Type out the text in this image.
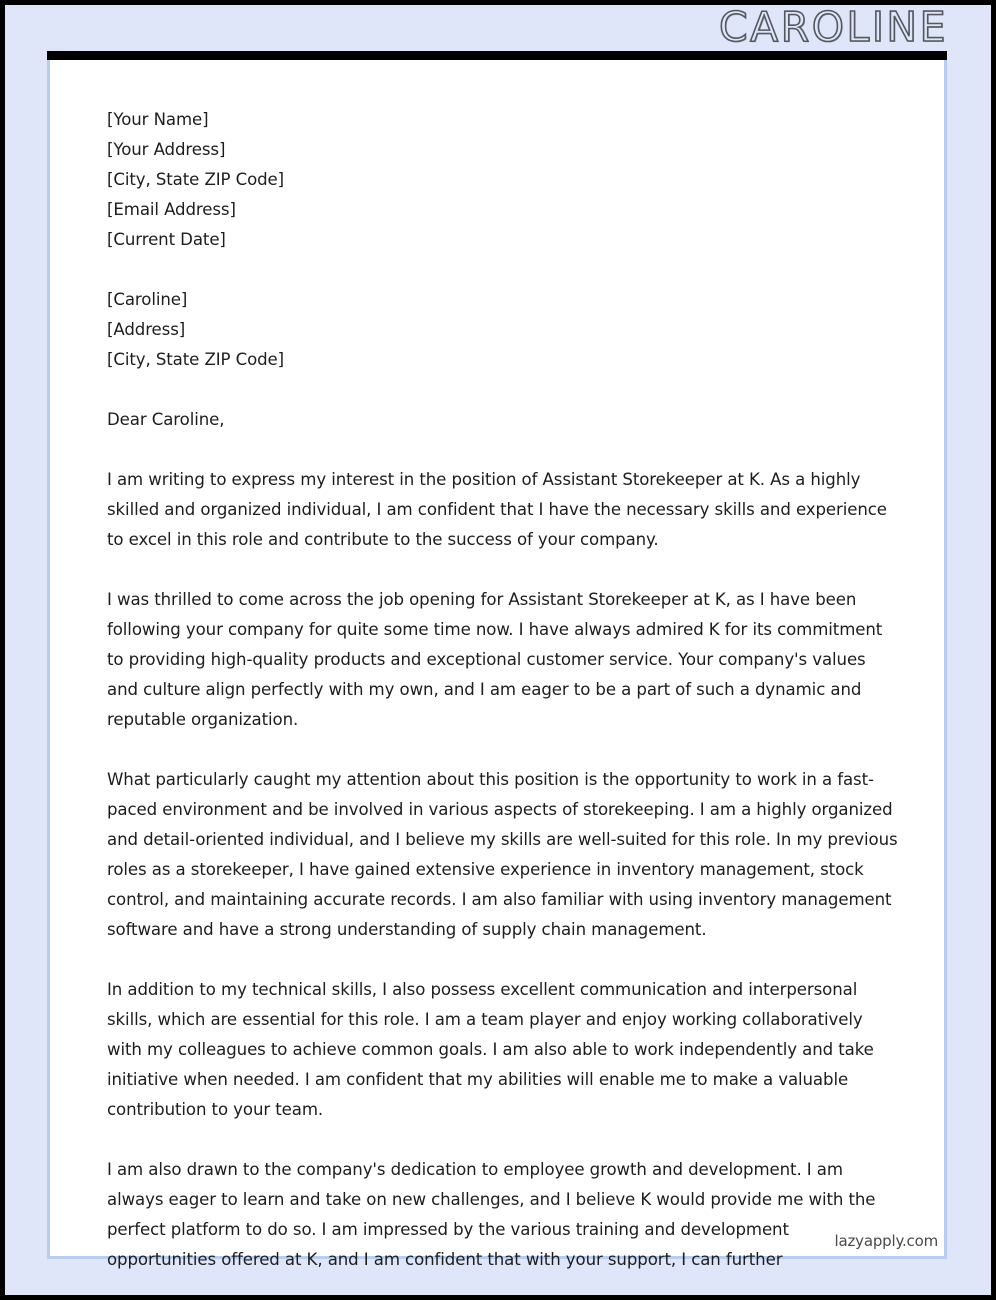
CAROLINE
[Your Name]
[Your Address]
[City, State ZIP Code]
[Email Address]
[Current Date]
[Caroline]
[Address]
[City, State ZIP Code]
Dear Caroline,

I am writing to express my interest in the position of Assistant Storekeeper at K. As a highly skilled and organized individual, I am confident that I have the necessary skills and experience to excel in this role and contribute to the success of your company.

I was thrilled to come across the job opening for Assistant Storekeeper at K, as I have been following your company for quite some time now. I have always admired K for its commitment to providing high-quality products and exceptional customer service. Your company's values and culture align perfectly with my own, and I am eager to be a part of such a dynamic and reputable organization.

What particularly caught my attention about this position is the opportunity to work in a fast-paced environment and be involved in various aspects of storekeeping. I am a highly organized and detail-oriented individual, and I believe my skills are well-suited for this role. In my previous roles as a storekeeper, I have gained extensive experience in inventory management, stock control, and maintaining accurate records. I am also familiar with using inventory management software and have a strong understanding of supply chain management.

In addition to my technical skills, I also possess excellent communication and interpersonal skills, which are essential for this role. I am a team player and enjoy working collaboratively with my colleagues to achieve common goals. I am also able to work independently and take initiative when needed. I am confident that my abilities will enable me to make a valuable contribution to your team.

I am also drawn to the company's dedication to employee growth and development. I am always eager to learn and take on new challenges, and I believe K would provide me with the perfect platform to do so. I am impressed by the various training and development opportunities offered at K, and I am confident that with your support, I can further

lazyapply.com
